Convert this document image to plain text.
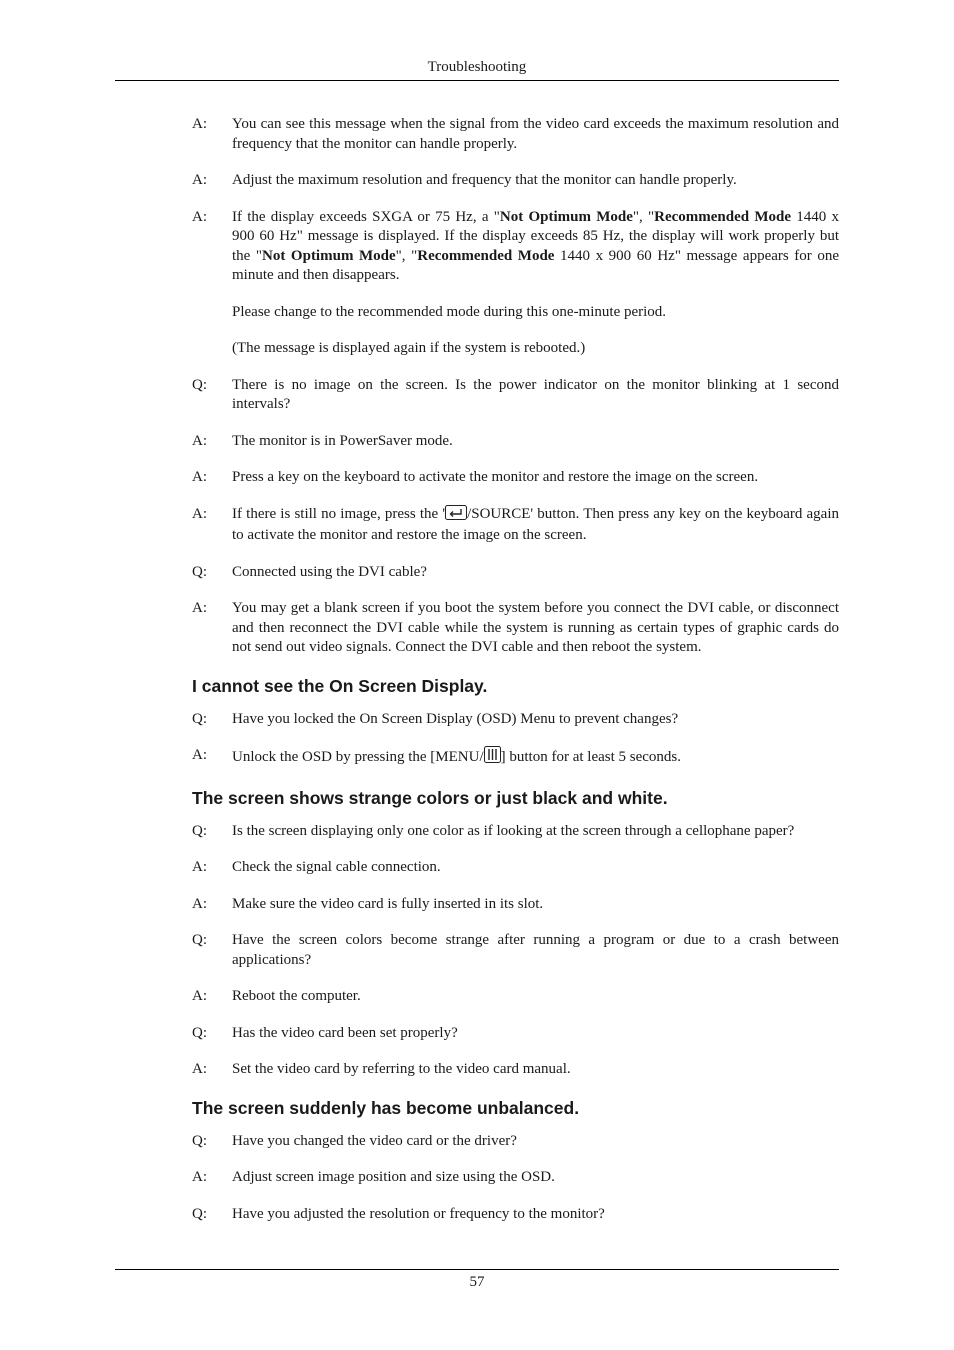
Troubleshooting
A:	You can see this message when the signal from the video card exceeds the maximum resolution and frequency that the monitor can handle properly.
A:	Adjust the maximum resolution and frequency that the monitor can handle properly.
A:	If the display exceeds SXGA or 75 Hz, a "Not Optimum Mode", "Recommended Mode 1440 x 900 60 Hz" message is displayed. If the display exceeds 85 Hz, the display will work properly but the "Not Optimum Mode", "Recommended Mode 1440 x 900 60 Hz" message appears for one minute and then disappears.
Please change to the recommended mode during this one-minute period.
(The message is displayed again if the system is rebooted.)
Q:	There is no image on the screen. Is the power indicator on the monitor blinking at 1 second intervals?
A:	The monitor is in PowerSaver mode.
A:	Press a key on the keyboard to activate the monitor and restore the image on the screen.
A:	If there is still no image, press the ' /SOURCE' button. Then press any key on the keyboard again to activate the monitor and restore the image on the screen.
Q:	Connected using the DVI cable?
A:	You may get a blank screen if you boot the system before you connect the DVI cable, or disconnect and then reconnect the DVI cable while the system is running as certain types of graphic cards do not send out video signals. Connect the DVI cable and then reboot the system.
I cannot see the On Screen Display.
Q:	Have you locked the On Screen Display (OSD) Menu to prevent changes?
A:	Unlock the OSD by pressing the [MENU/ ] button for at least 5 seconds.
The screen shows strange colors or just black and white.
Q:	Is the screen displaying only one color as if looking at the screen through a cellophane paper?
A:	Check the signal cable connection.
A:	Make sure the video card is fully inserted in its slot.
Q:	Have the screen colors become strange after running a program or due to a crash between applications?
A:	Reboot the computer.
Q:	Has the video card been set properly?
A:	Set the video card by referring to the video card manual.
The screen suddenly has become unbalanced.
Q:	Have you changed the video card or the driver?
A:	Adjust screen image position and size using the OSD.
Q:	Have you adjusted the resolution or frequency to the monitor?
57
